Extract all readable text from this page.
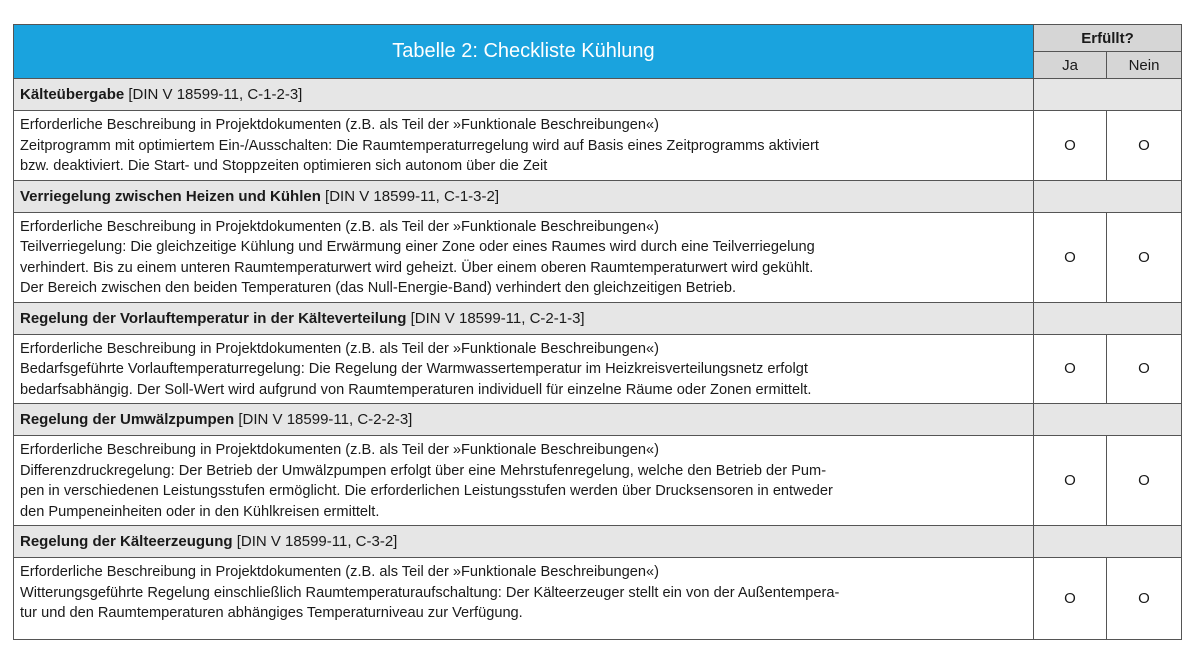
Tabelle 2: Checkliste Kühlung	Erfüllt?	
	Ja	Nein
Kälteübergabe [DIN V 18599-11, C-1-2-3]		

Erforderliche Beschreibung in Projektdokumenten (z.B. als Teil der »Funktionale Beschreibungen«)
Zeitprogramm mit optimiertem Ein-/Ausschalten: Die Raumtemperaturregelung wird auf Basis eines Zeitprogramms aktiviert
bzw. deaktiviert. Die Start- und Stoppzeiten optimieren sich autonom über die Zeit	O	O
Verriegelung zwischen Heizen und Kühlen [DIN V 18599-11, C-1-3-2]		

Erforderliche Beschreibung in Projektdokumenten (z.B. als Teil der »Funktionale Beschreibungen«)
Teilverriegelung: Die gleichzeitige Kühlung und Erwärmung einer Zone oder eines Raumes wird durch eine Teilverriegelung
verhindert. Bis zu einem unteren Raumtemperaturwert wird geheizt. Über einem oberen Raumtemperaturwert wird gekühlt.
Der Bereich zwischen den beiden Temperaturen (das Null-Energie-Band) verhindert den gleichzeitigen Betrieb.	O	O
Regelung der Vorlauftemperatur in der Kälteverteilung [DIN V 18599-11, C-2-1-3]		

Erforderliche Beschreibung in Projektdokumenten (z.B. als Teil der »Funktionale Beschreibungen«)
Bedarfsgeführte Vorlauftemperaturregelung: Die Regelung der Warmwassertemperatur im Heizkreisverteilungsnetz erfolgt
bedarfsabhängig. Der Soll-Wert wird aufgrund von Raumtemperaturen individuell für einzelne Räume oder Zonen ermittelt.	O	O
Regelung der Umwälzpumpen [DIN V 18599-11, C-2-2-3]		

Erforderliche Beschreibung in Projektdokumenten (z.B. als Teil der »Funktionale Beschreibungen«)
Differenzdruckregelung: Der Betrieb der Umwälzpumpen erfolgt über eine Mehrstufenregelung, welche den Betrieb der Pum-
pen in verschiedenen Leistungsstufen ermöglicht. Die erforderlichen Leistungsstufen werden über Drucksensoren in entweder
den Pumpeneinheiten oder in den Kühlkreisen ermittelt.	O	O
Regelung der Kälteerzeugung [DIN V 18599-11, C-3-2]		

Erforderliche Beschreibung in Projektdokumenten (z.B. als Teil der »Funktionale Beschreibungen«)
Witterungsgeführte Regelung einschließlich Raumtemperaturaufschaltung: Der Kälteerzeuger stellt ein von der Außentempera-
tur und den Raumtemperaturen abhängiges Temperaturniveau zur Verfügung.	O	O
